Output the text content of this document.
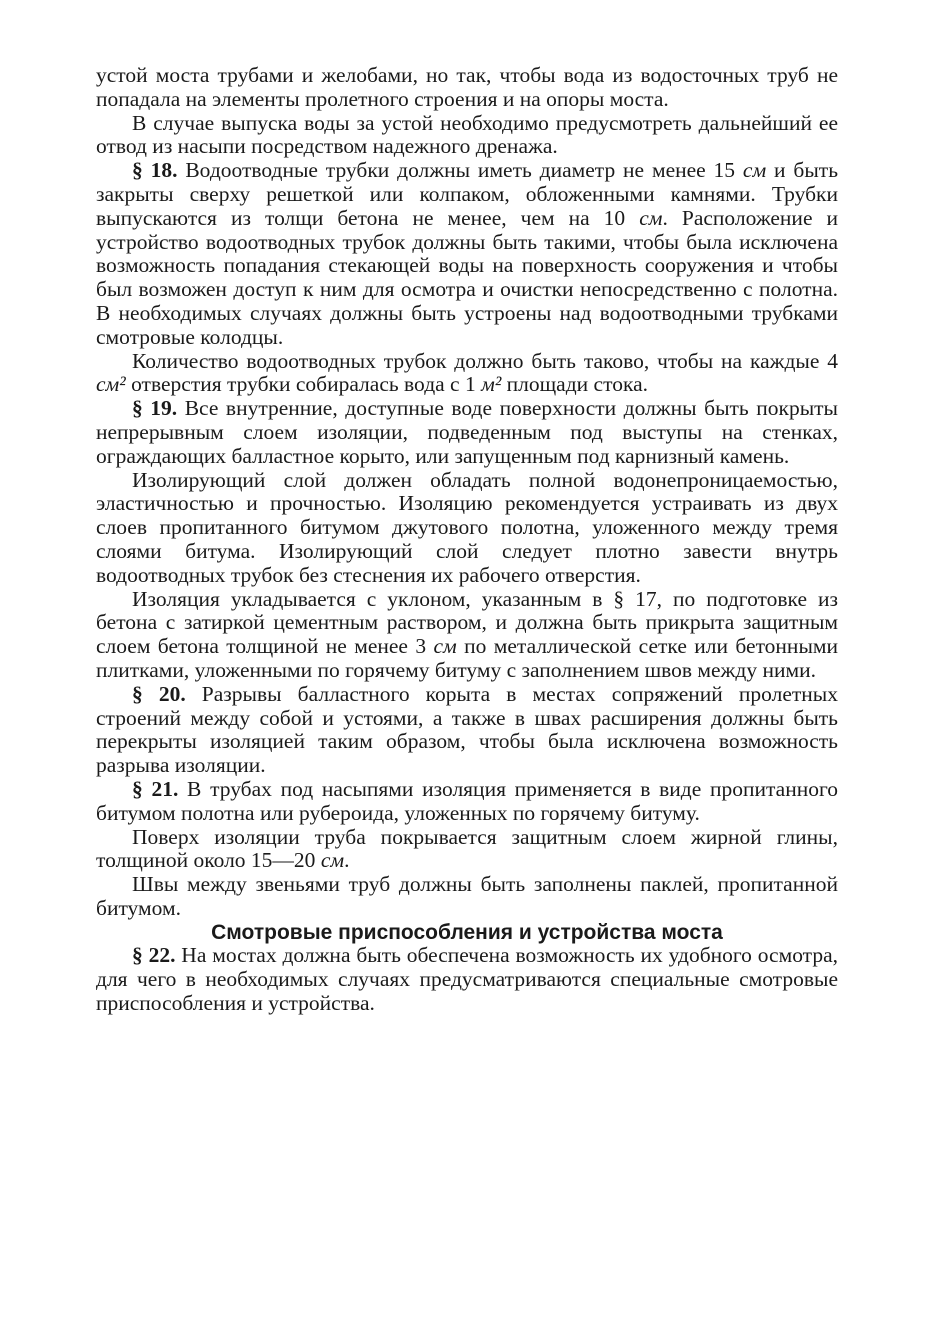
устой моста трубами и желобами, но так, чтобы вода из водосточных труб не попадала на элементы пролетного строения и на опоры моста.

В случае выпуска воды за устой необходимо предусмотреть дальнейший ее отвод из насыпи посредством надежного дренажа.

§ 18. Водоотводные трубки должны иметь диаметр не менее 15 см и быть закрыты сверху решеткой или колпаком, обложенными камнями. Трубки выпускаются из толщи бетона не менее, чем на 10 см. Расположение и устройство водоотводных трубок должны быть такими, чтобы была исключена возможность попадания стекающей воды на поверхность сооружения и чтобы был возможен доступ к ним для осмотра и очистки непосредственно с полотна. В необходимых случаях должны быть устроены над водоотводными трубками смотровые колодцы.

Количество водоотводных трубок должно быть таково, чтобы на каждые 4 см² отверстия трубки собиралась вода с 1 м² площади стока.

§ 19. Все внутренние, доступные воде поверхности должны быть покрыты непрерывным слоем изоляции, подведенным под выступы на стенках, ограждающих балластное корыто, или запущенным под карнизный камень.

Изолирующий слой должен обладать полной водонепроницаемостью, эластичностью и прочностью. Изоляцию рекомендуется устраивать из двух слоев пропитанного битумом джутового полотна, уложенного между тремя слоями битума. Изолирующий слой следует плотно завести внутрь водоотводных трубок без стеснения их рабочего отверстия.

Изоляция укладывается с уклоном, указанным в § 17, по подготовке из бетона с затиркой цементным раствором, и должна быть прикрыта защитным слоем бетона толщиной не менее 3 см по металлической сетке или бетонными плитками, уложенными по горячему битуму с заполнением швов между ними.

§ 20. Разрывы балластного корыта в местах сопряжений пролетных строений между собой и устоями, а также в швах расширения должны быть перекрыты изоляцией таким образом, чтобы была исключена возможность разрыва изоляции.

§ 21. В трубах под насыпями изоляция применяется в виде пропитанного битумом полотна или рубероида, уложенных по горячему битуму.

Поверх изоляции труба покрывается защитным слоем жирной глины, толщиной около 15—20 см.

Швы между звеньями труб должны быть заполнены паклей, пропитанной битумом.

Смотровые приспособления и устройства моста

§ 22. На мостах должна быть обеспечена возможность их удобного осмотра, для чего в необходимых случаях предусматриваются специальные смотровые приспособления и устройства.
